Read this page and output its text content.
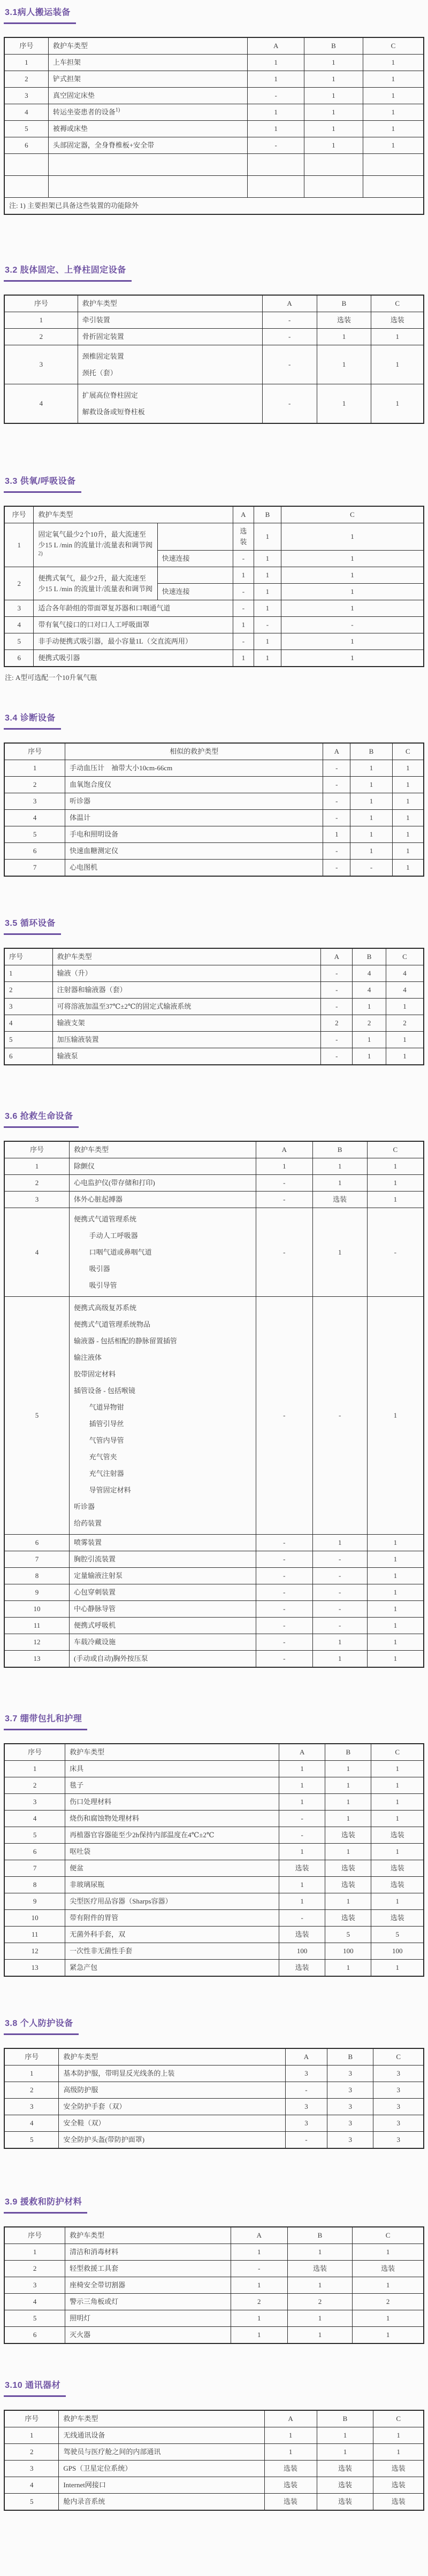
3.1病人搬运装备
序号	救护车类型	A	B	C
1	上车担架	1	1	1
2	铲式担架	1	1	1
3	真空固定床垫	-	1	1
4	转运坐姿患者的设备$^{1)}$	1	1	1
5	被褥或床垫	1	1	1
6	头部固定器，全身脊椎板+安全带	-	1	1

注: 1) 主要担架已具备这些装置的功能除外				
3.2 肢体固定、上脊柱固定设备
序号	救护车类型	A	B	C
1	牵引装置	-	选装	选装
2	骨折固定装置	-	1	1
3	颈椎固定装置
颈托（套）	-	1	1
4	扩展高位脊柱固定
解救设备或短脊柱板	-	1	1
3.3 供氧/呼吸设备
序号	救护车类型		A	B	C
1	固定氧气最少2个10升，最大流速至少15 L /min 的流量计/流量表和调节阀$^{2)}$		选装	1	1
		快速连接	-	1	1
2	便携式氧气，最少2升，最大流速至少15 L /min 的流量计/流量表和调节阀		1	1	1
		快速连接	-	1	1
3	适合各年龄组的带面罩复苏器和口咽通气道		-	1	1
4	带有氧气接口的口对口人工呼吸面罩		1	-	-
5	非手动便携式吸引器，最小容量1L（交直流两用）		-	1	1
6	便携式吸引器		1	1	1
注: A型可选配一个10升氧气瓶
3.4 诊断设备
序号	相似的救护类型	A	B	C
1	手动血压计　袖带大小10cm-66cm	-	1	1
2	血氧饱合度仪	-	1	1
3	听诊器	-	1	1
4	体温计	-	1	1
5	手电和照明设备	1	1	1
6	快速血糖测定仪	-	1	1
7	心电图机	-	-	1
3.5 循环设备
序号	救护车类型	A	B	C
1	输液（升）	-	4	4
2	注射器和输液器（套）	-	4	4
3	可将溶液加温至37℃±2℃的固定式输液系统	-	1	1
4	输液支架	2	2	2
5	加压输液装置	-	1	1
6	输液泵	-	1	1
3.6 抢救生命设备
序号	救护车类型	A	B	C
1	除颤仪	1	1	1
2	心电监护仪(带存储和打印)	-	1	1
3	体外心脏起搏器	-	选装	1
4	便携式气道管理系统
手动人工呼吸器
口咽气道或鼻咽气道
吸引器
吸引导管	-	1	-
5	
便携式高级复苏系统
便携式气道管理系统物品
输液器 - 包括相配的静脉留置插管
输注液体
胶带固定材料
插管设备 - 包括喉镜
气道异物钳
插管引导丝
气管内导管
充气管夹
充气注射器
导管固定材料
听诊器
给药装置
	-	-	1
6	喷雾装置	-	1	1
7	胸腔引流装置	-	-	1
8	定量输液注射泵	-	-	1
9	心包穿刺装置	-	-	1
10	中心静脉导管	-	-	1
11	便携式呼吸机	-	-	1
12	车载冷藏设施	-	1	1
13	(手动或自动)胸外按压泵	-	1	1
3.7 绷带包扎和护理
序号	救护车类型	A	B	C
1	床具	1	1	1
2	毯子	1	1	1
3	伤口处理材料	1	1	1
4	烧伤和腐蚀物处理材料	-	1	1
5	再植器官容器能至少2h保持内部温度在4℃±2℃	-	选装	选装
6	呕吐袋	1	1	1
7	便盆	选装	选装	选装
8	非玻璃尿瓶	1	选装	选装
9	尖型医疗用品容器（Sharps容器）	1	1	1
10	带有附件的胃管	-	选装	选装
11	无菌外科手套，双	选装	5	5
12	一次性非无菌性手套	100	100	100
13	紧急产包	选装	1	1
3.8 个人防护设备
序号	救护车类型	A	B	C
1	基本防护服，带明显反光线条的上装	3	3	3
2	高级防护服	-	3	3
3	安全防护手套（双）	3	3	3
4	安全鞋（双）	3	3	3
5	安全防护头盔(带防护面罩)	-	3	3
3.9 援救和防护材料
序号	救护车类型	A	B	C
1	清洁和消毒材料	1	1	1
2	轻型救援工具套	-	选装	选装
3	座椅安全带切割器	1	1	1
4	警示三角板或灯	2	2	2
5	照明灯	1	1	1
6	灭火器	1	1	1
3.10 通讯器材
序号	救护车类型	A	B	C
1	无线通讯设备	1	1	1
2	驾驶员与医疗舱之间的内部通讯	1	1	1
3	GPS（卫星定位系统）	选装	选装	选装
4	Internet网接口	选装	选装	选装
5	舱内录音系统	选装	选装	选装
